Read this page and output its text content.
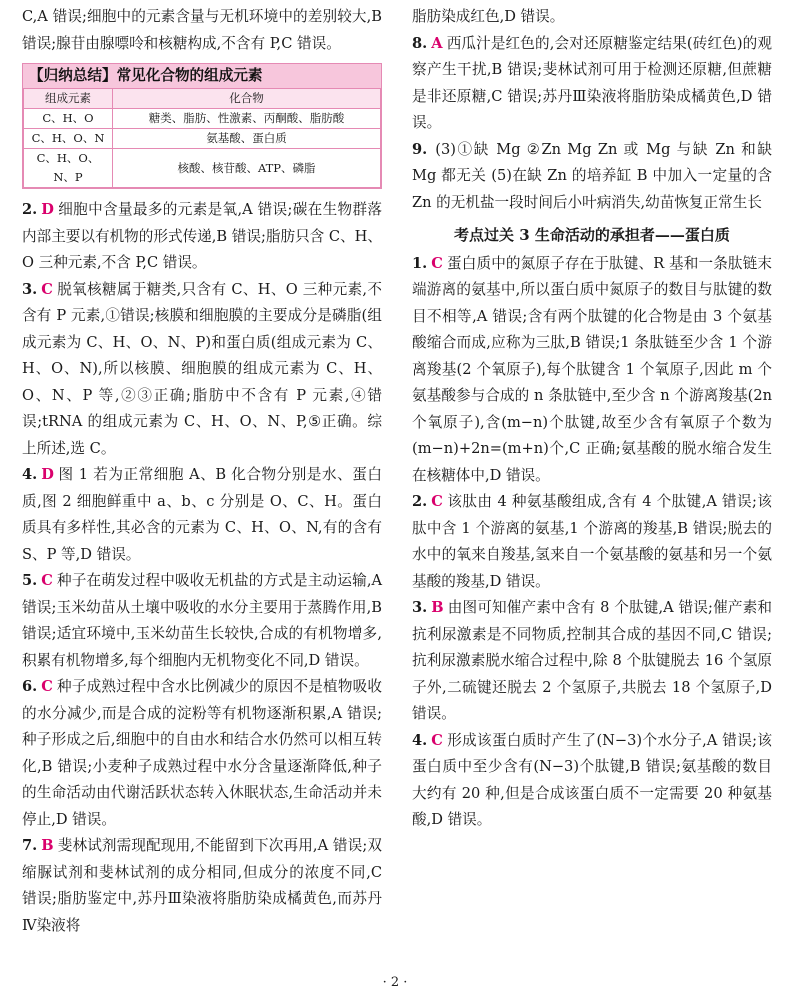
C,A 错误;细胞中的元素含量与无机环境中的差别较大,B 错误;腺苷由腺嘌呤和核糖构成,不含有 P,C 错误。

【归纳总结】常见化合物的组成元素
组成元素	化合物
C、H、O	糖类、脂肪、性激素、丙酮酸、脂肪酸
C、H、O、N	氨基酸、蛋白质
C、H、O、N、P	核酸、核苷酸、ATP、磷脂

2. D 细胞中含量最多的元素是氧,A 错误;碳在生物群落内部主要以有机物的形式传递,B 错误;脂肪只含 C、H、O 三种元素,不含 P,C 错误。

3. C 脱氧核糖属于糖类,只含有 C、H、O 三种元素,不含有 P 元素,①错误;核膜和细胞膜的主要成分是磷脂(组成元素为 C、H、O、N、P)和蛋白质(组成元素为 C、H、O、N),所以核膜、细胞膜的组成元素为 C、H、O、N、P 等,②③正确;脂肪中不含有 P 元素,④错误;tRNA 的组成元素为 C、H、O、N、P,⑤正确。综上所述,选 C。

4. D 图 1 若为正常细胞 A、B 化合物分别是水、蛋白质,图 2 细胞鲜重中 a、b、c 分别是 O、C、H。蛋白质具有多样性,其必含的元素为 C、H、O、N,有的含有 S、P 等,D 错误。

5. C 种子在萌发过程中吸收无机盐的方式是主动运输,A 错误;玉米幼苗从土壤中吸收的水分主要用于蒸腾作用,B 错误;适宜环境中,玉米幼苗生长较快,合成的有机物增多,积累有机物增多,每个细胞内无机物变化不同,D 错误。

6. C 种子成熟过程中含水比例减少的原因不是植物吸收的水分减少,而是合成的淀粉等有机物逐渐积累,A 错误;种子形成之后,细胞中的自由水和结合水仍然可以相互转化,B 错误;小麦种子成熟过程中水分含量逐渐降低,种子的生命活动由代谢活跃状态转入休眠状态,生命活动并未停止,D 错误。

7. B 斐林试剂需现配现用,不能留到下次再用,A 错误;双缩脲试剂和斐林试剂的成分相同,但成分的浓度不同,C 错误;脂肪鉴定中,苏丹Ⅲ染液将脂肪染成橘黄色,而苏丹Ⅳ染液将

脂肪染成红色,D 错误。

8. A 西瓜汁是红色的,会对还原糖鉴定结果(砖红色)的观察产生干扰,B 错误;斐林试剂可用于检测还原糖,但蔗糖是非还原糖,C 错误;苏丹Ⅲ染液将脂肪染成橘黄色,D 错误。

9. (3)①缺 Mg ②Zn Mg Zn 或 Mg 与缺 Zn 和缺 Mg 都无关 (5)在缺 Zn 的培养缸 B 中加入一定量的含 Zn 的无机盐一段时间后小叶病消失,幼苗恢复正常生长

考点过关 3 生命活动的承担者——蛋白质

1. C 蛋白质中的氮原子存在于肽键、R 基和一条肽链末端游离的氨基中,所以蛋白质中氮原子的数目与肽键的数目不相等,A 错误;含有两个肽键的化合物是由 3 个氨基酸缩合而成,应称为三肽,B 错误;1 条肽链至少含 1 个游离羧基(2 个氧原子),每个肽键含 1 个氧原子,因此 m 个氨基酸参与合成的 n 条肽链中,至少含 n 个游离羧基(2n 个氧原子),含(m−n)个肽键,故至少含有氧原子个数为(m−n)+2n=(m+n)个,C 正确;氨基酸的脱水缩合发生在核糖体中,D 错误。

2. C 该肽由 4 种氨基酸组成,含有 4 个肽键,A 错误;该肽中含 1 个游离的氨基,1 个游离的羧基,B 错误;脱去的水中的氧来自羧基,氢来自一个氨基酸的氨基和另一个氨基酸的羧基,D 错误。

3. B 由图可知催产素中含有 8 个肽键,A 错误;催产素和抗利尿激素是不同物质,控制其合成的基因不同,C 错误;抗利尿激素脱水缩合过程中,除 8 个肽键脱去 16 个氢原子外,二硫键还脱去 2 个氢原子,共脱去 18 个氢原子,D 错误。

4. C 形成该蛋白质时产生了(N−3)个水分子,A 错误;该蛋白质中至少含有(N−3)个肽键,B 错误;氨基酸的数目大约有 20 种,但是合成该蛋白质不一定需要 20 种氨基酸,D 错误。

· 2 ·
